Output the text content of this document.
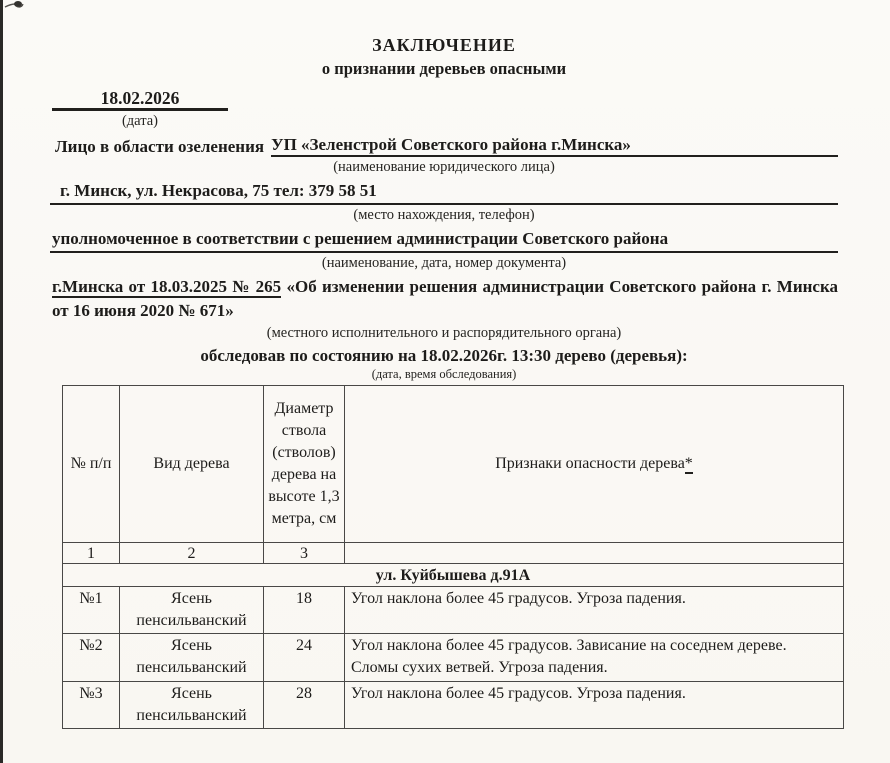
ЗАКЛЮЧЕНИЕ
о признании деревьев опасными
18.02.2026
(дата)
Лицо в области озеленения УП «Зеленстрой Советского района г.Минска»
(наименование юридического лица)
г. Минск, ул. Некрасова, 75 тел: 379 58 51
(место нахождения, телефон)
уполномоченное в соответствии с решением администрации Советского района
(наименование, дата, номер документа)
г.Минска от 18.03.2025 № 265 «Об изменении решения администрации Советского района г. Минска от 16 июня 2020 № 671»
(местного исполнительного и распорядительного органа)
обследовав по состоянию на 18.02.2026г. 13:30 дерево (деревья):
(дата, время обследования)
№ п/п	Вид дерева	Диаметр ствола (стволов) дерева на высоте 1,3 метра, см	Признаки опасности дерева*
1	2	3	
ул. Куйбышева д.91А			
№1	Ясень пенсильванский	18	Угол наклона более 45 градусов. Угроза падения.
№2	Ясень пенсильванский	24	Угол наклона более 45 градусов. Зависание на соседнем дереве. Сломы сухих ветвей. Угроза падения.
№3	Ясень пенсильванский	28	Угол наклона более 45 градусов. Угроза падения.
